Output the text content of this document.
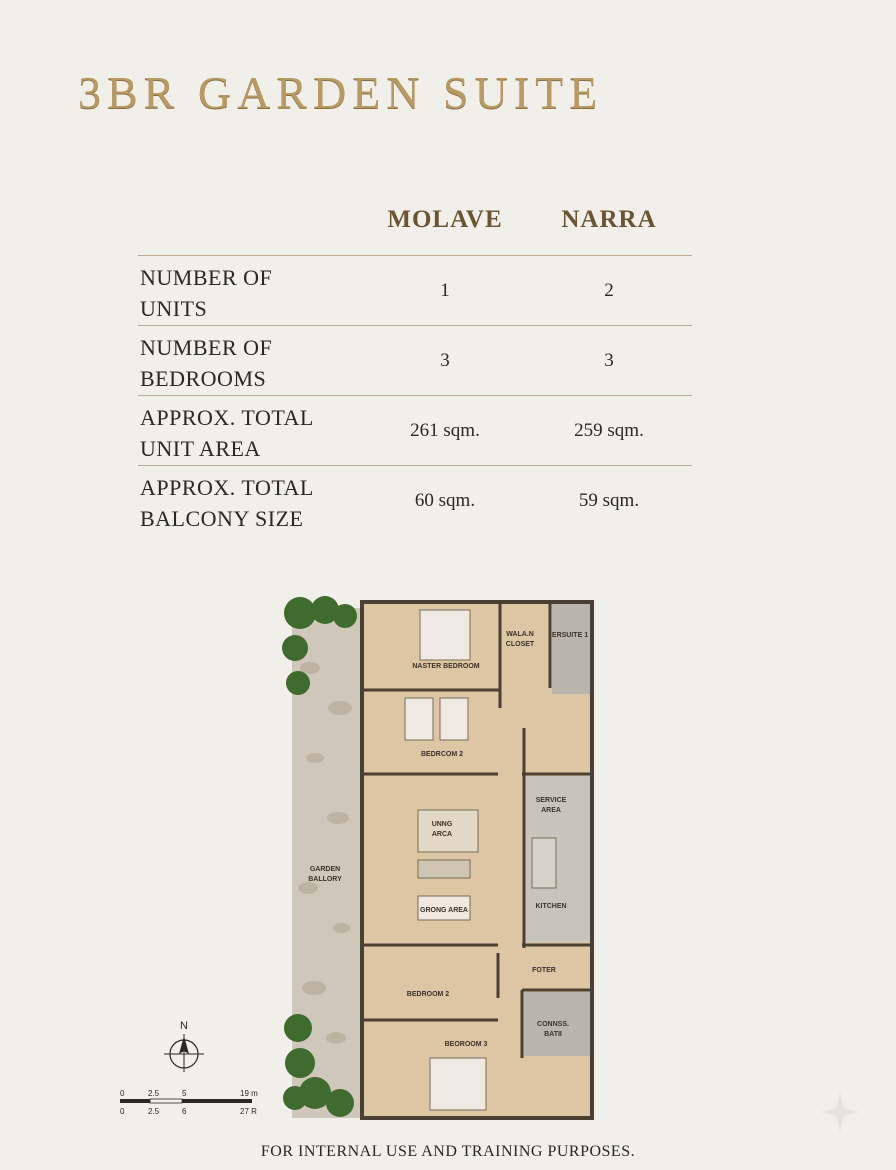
3BR GARDEN SUITE
MOLAVE	NARRA
NUMBER OF
UNITS
1	2
NUMBER OF
BEDROOMS
3	3
APPROX. TOTAL
UNIT AREA
261 sqm.	259 sqm.
APPROX. TOTAL
BALCONY SIZE
60 sqm.	59 sqm.
NASTER BEDROOM
WALA.N
CLOSET
ERSUITE 1
BEDRCOM 2
SERVICE
AREA
UNNG
ARCA
GARDEN
BALLORY
KITCHEN
GRONG AREA
FOTER
BEDROOM 2
CONNSS.
BATII
BEOROOM 3
N
0	2.5	5	19 m
0	2.5	6	27 R
FOR INTERNAL USE AND TRAINING PURPOSES.
